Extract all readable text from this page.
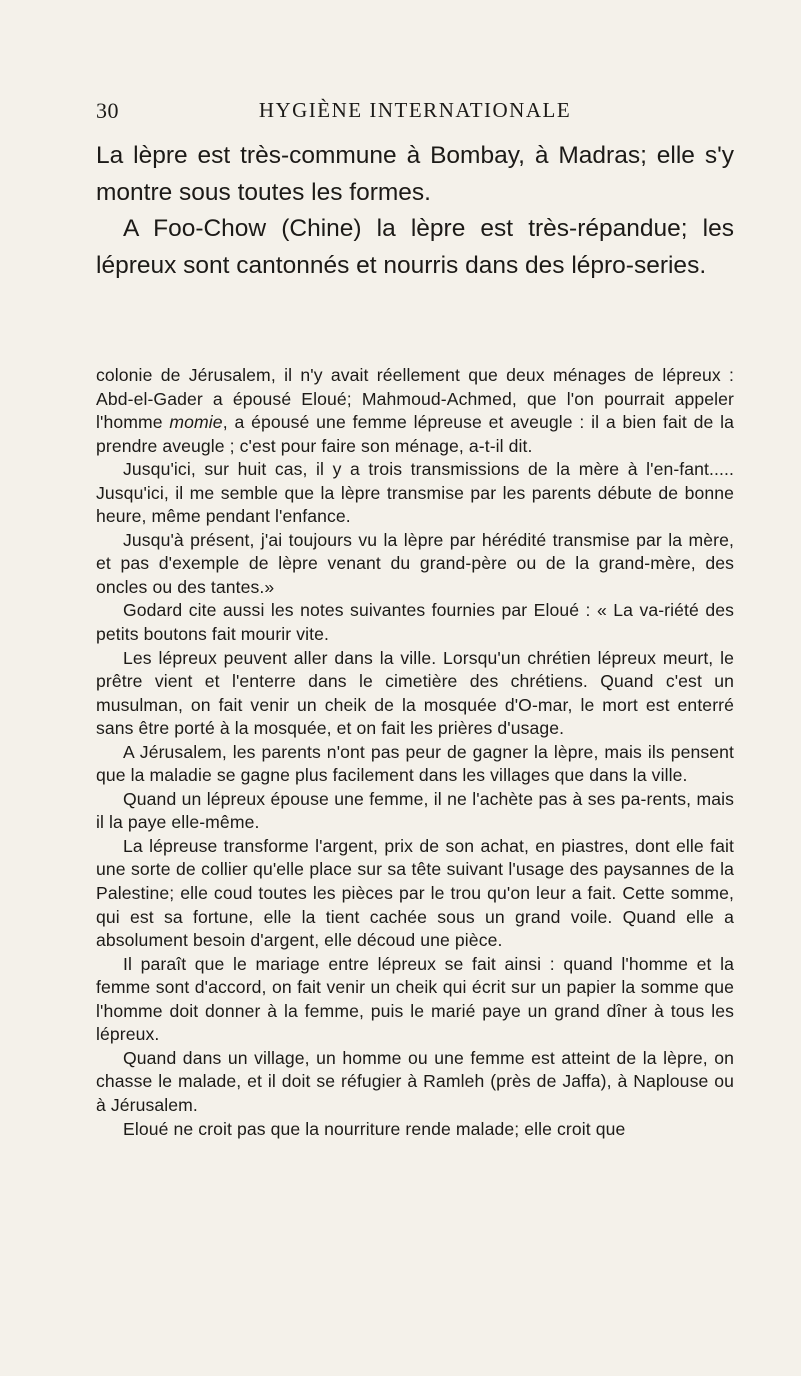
30	HYGIÈNE INTERNATIONALE

La lèpre est très-commune à Bombay, à Madras; elle s'y montre sous toutes les formes.

A Foo-Chow (Chine) la lèpre est très-répandue; les lépreux sont cantonnés et nourris dans des lépro-series.

colonie de Jérusalem, il n'y avait réellement que deux ménages de lépreux : Abd-el-Gader a épousé Eloué; Mahmoud-Achmed, que l'on pourrait appeler l'homme momie, a épousé une femme lépreuse et aveugle : il a bien fait de la prendre aveugle ; c'est pour faire son ménage, a-t-il dit.

Jusqu'ici, sur huit cas, il y a trois transmissions de la mère à l'en-fant..... Jusqu'ici, il me semble que la lèpre transmise par les parents débute de bonne heure, même pendant l'enfance.

Jusqu'à présent, j'ai toujours vu la lèpre par hérédité transmise par la mère, et pas d'exemple de lèpre venant du grand-père ou de la grand-mère, des oncles ou des tantes.»

Godard cite aussi les notes suivantes fournies par Eloué : « La va-riété des petits boutons fait mourir vite.

Les lépreux peuvent aller dans la ville. Lorsqu'un chrétien lépreux meurt, le prêtre vient et l'enterre dans le cimetière des chrétiens. Quand c'est un musulman, on fait venir un cheik de la mosquée d'O-mar, le mort est enterré sans être porté à la mosquée, et on fait les prières d'usage.

A Jérusalem, les parents n'ont pas peur de gagner la lèpre, mais ils pensent que la maladie se gagne plus facilement dans les villages que dans la ville.

Quand un lépreux épouse une femme, il ne l'achète pas à ses pa-rents, mais il la paye elle-même.

La lépreuse transforme l'argent, prix de son achat, en piastres, dont elle fait une sorte de collier qu'elle place sur sa tête suivant l'usage des paysannes de la Palestine; elle coud toutes les pièces par le trou qu'on leur a fait. Cette somme, qui est sa fortune, elle la tient cachée sous un grand voile. Quand elle a absolument besoin d'argent, elle découd une pièce.

Il paraît que le mariage entre lépreux se fait ainsi : quand l'homme et la femme sont d'accord, on fait venir un cheik qui écrit sur un papier la somme que l'homme doit donner à la femme, puis le marié paye un grand dîner à tous les lépreux.

Quand dans un village, un homme ou une femme est atteint de la lèpre, on chasse le malade, et il doit se réfugier à Ramleh (près de Jaffa), à Naplouse ou à Jérusalem.

Eloué ne croit pas que la nourriture rende malade; elle croit que
